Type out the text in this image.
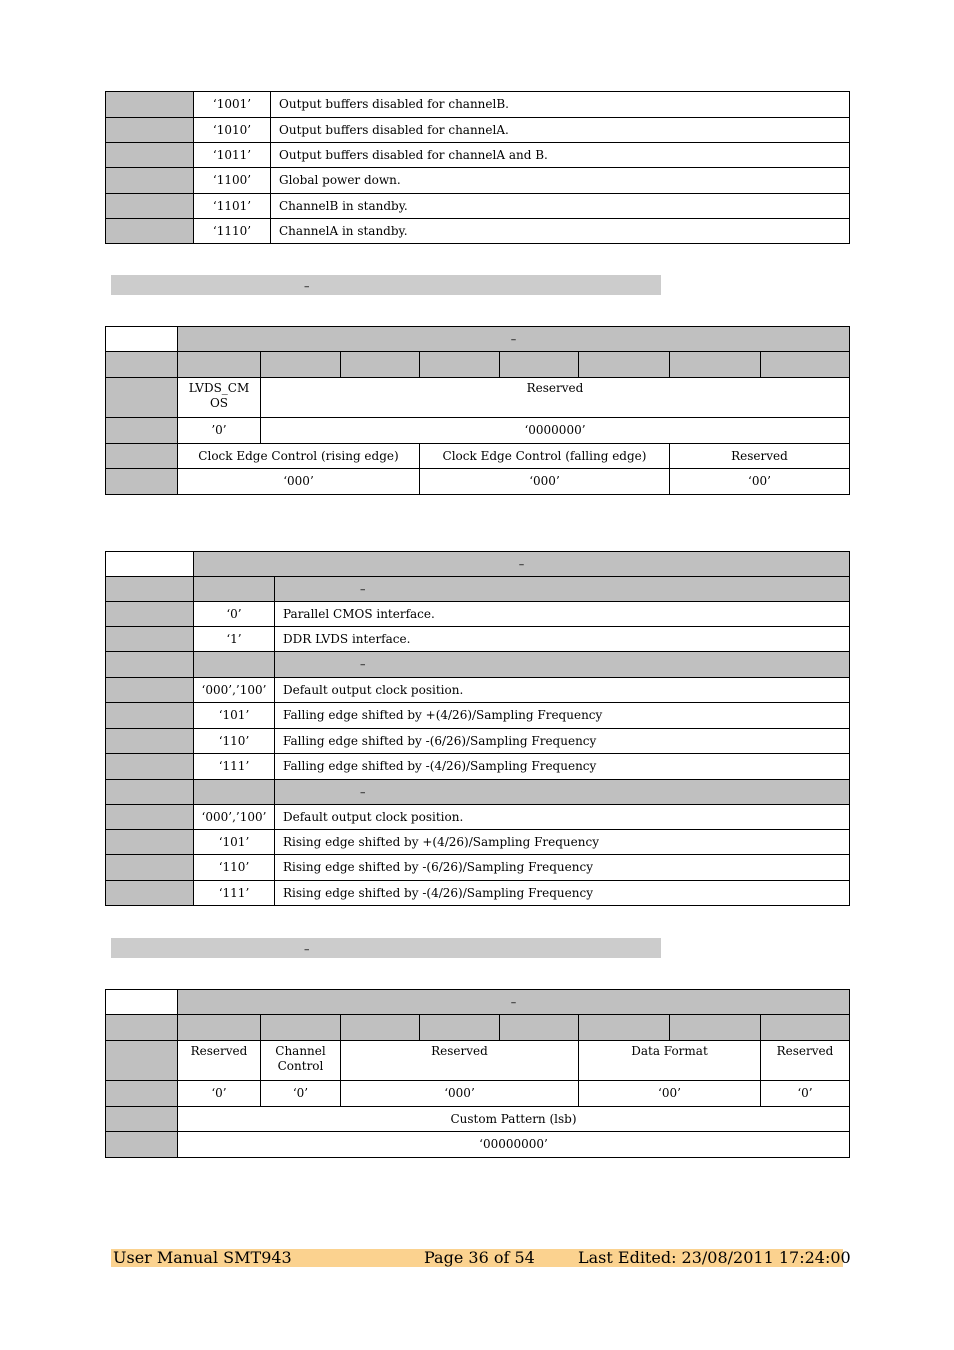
	‘1001’	Output buffers disabled for channelB.
	‘1010’	Output buffers disabled for channelA.
	‘1011’	Output buffers disabled for channelA and B.
	‘1100’	Global power down.
	‘1101’	ChannelB in standby.
	‘1110’	ChannelA in standby.
–
	–							

	LVDS_CMOS	Reserved						
	’0’	‘0000000’						
	Clock Edge Control (rising edge)			Clock Edge Control (falling edge)			Reserved	
	‘000’			‘000’			‘00’	
	–	
		–
	‘0’	Parallel CMOS interface.
	‘1’	DDR LVDS interface.
		–
	‘000’,’100’	Default output clock position.
	‘101’	Falling edge shifted by +(4/26)/Sampling Frequency
	‘110’	Falling edge shifted by -(6/26)/Sampling Frequency
	‘111’	Falling edge shifted by -(4/26)/Sampling Frequency
		–
	‘000’,’100’	Default output clock position.
	‘101’	Rising edge shifted by +(4/26)/Sampling Frequency
	‘110’	Rising edge shifted by -(6/26)/Sampling Frequency
	‘111’	Rising edge shifted by -(4/26)/Sampling Frequency
–
	–							

	Reserved	Channel Control	Reserved			Data Format		Reserved
	‘0’	‘0’	‘000’			‘00’		‘0’
	Custom Pattern (lsb)							
	‘00000000’							
User Manual SMT943	Page 36 of 54	Last Edited: 23/08/2011 17:24:00
